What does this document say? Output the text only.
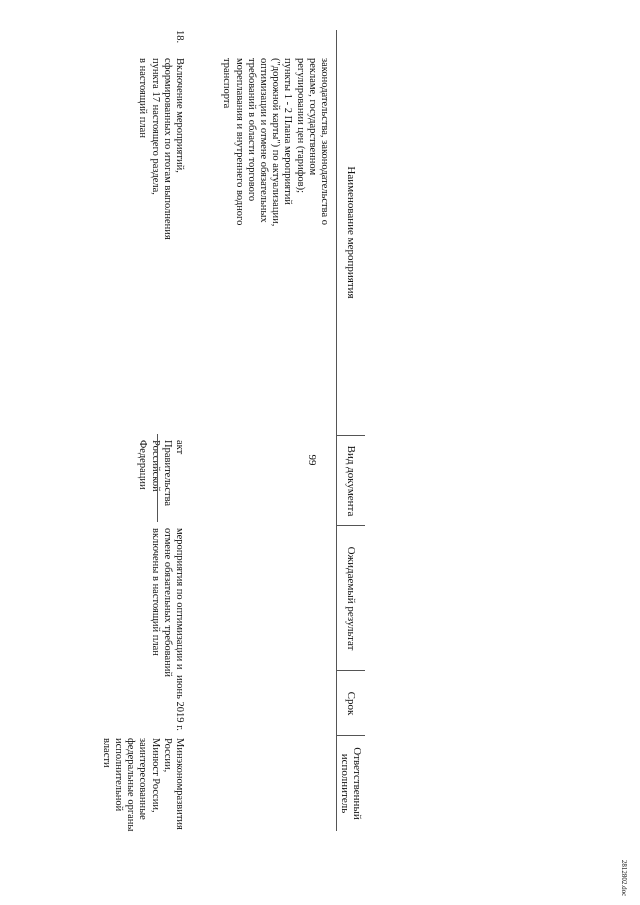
99
Наименование мероприятия
Вид документа
Ожидаемый результат
Срок
Ответственный
исполнитель
законодательства, законодательства о
рекламе, государственном
регулировании цен (тарифов);
пункты 1 - 2 Плана мероприятий
("дорожной карты") по актуализации,
оптимизации и отмене обязательных
требований в области торгового
мореплавания и внутреннего водного
транспорта
18.
Включение мероприятий,
сформированных по итогам выполнения
пункта 17 настоящего раздела,
в настоящий план
акт
Правительства
Российской
Федерации
мероприятия по оптимизации и
отмене обязательных требований
включены в настоящий план
июнь 2019 г.
Минэкономразвития
России,
Минюст России,
заинтересованные
федеральные органы
исполнительной власти
2812802.doc
